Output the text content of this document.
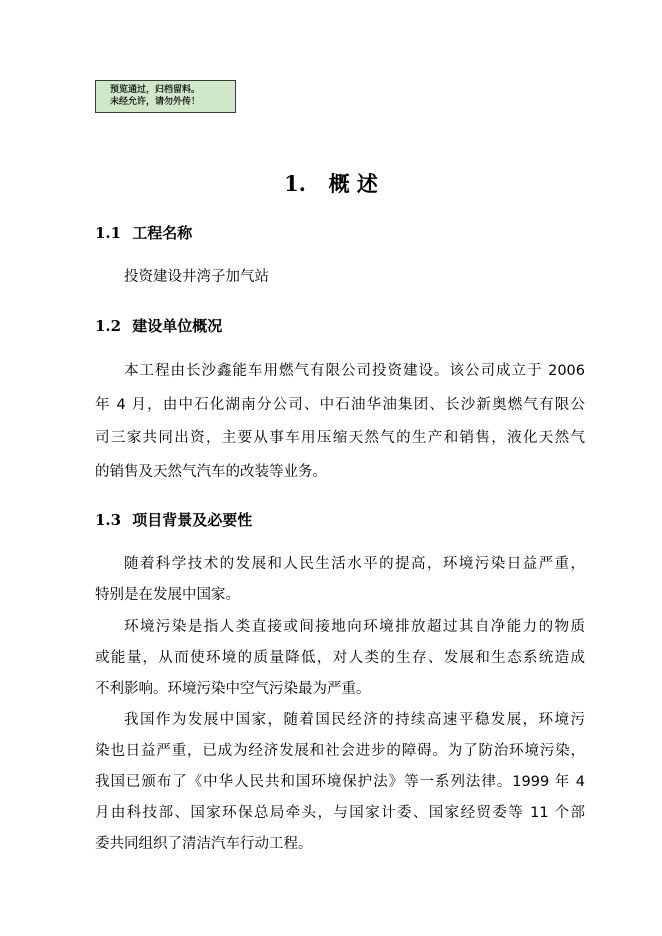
预览通过，归档留料。
未经允许，请勿外传！
1. 概 述
1.1 工程名称
投资建设井湾子加气站
1.2 建设单位概况
本工程由长沙鑫能车用燃气有限公司投资建设。该公司成立于 2006
年 4 月，由中石化湖南分公司、中石油华油集团、长沙新奥燃气有限公
司三家共同出资，主要从事车用压缩天然气的生产和销售，液化天然气
的销售及天然气汽车的改装等业务。
1.3 项目背景及必要性
随着科学技术的发展和人民生活水平的提高，环境污染日益严重，
特别是在发展中国家。
环境污染是指人类直接或间接地向环境排放超过其自净能力的物质
或能量，从而使环境的质量降低，对人类的生存、发展和生态系统造成
不利影响。环境污染中空气污染最为严重。
我国作为发展中国家，随着国民经济的持续高速平稳发展，环境污
染也日益严重，已成为经济发展和社会进步的障碍。为了防治环境污染，
我国已颁布了《中华人民共和国环境保护法》等一系列法律。1999 年 4
月由科技部、国家环保总局牵头，与国家计委、国家经贸委等 11 个部
委共同组织了清洁汽车行动工程。
